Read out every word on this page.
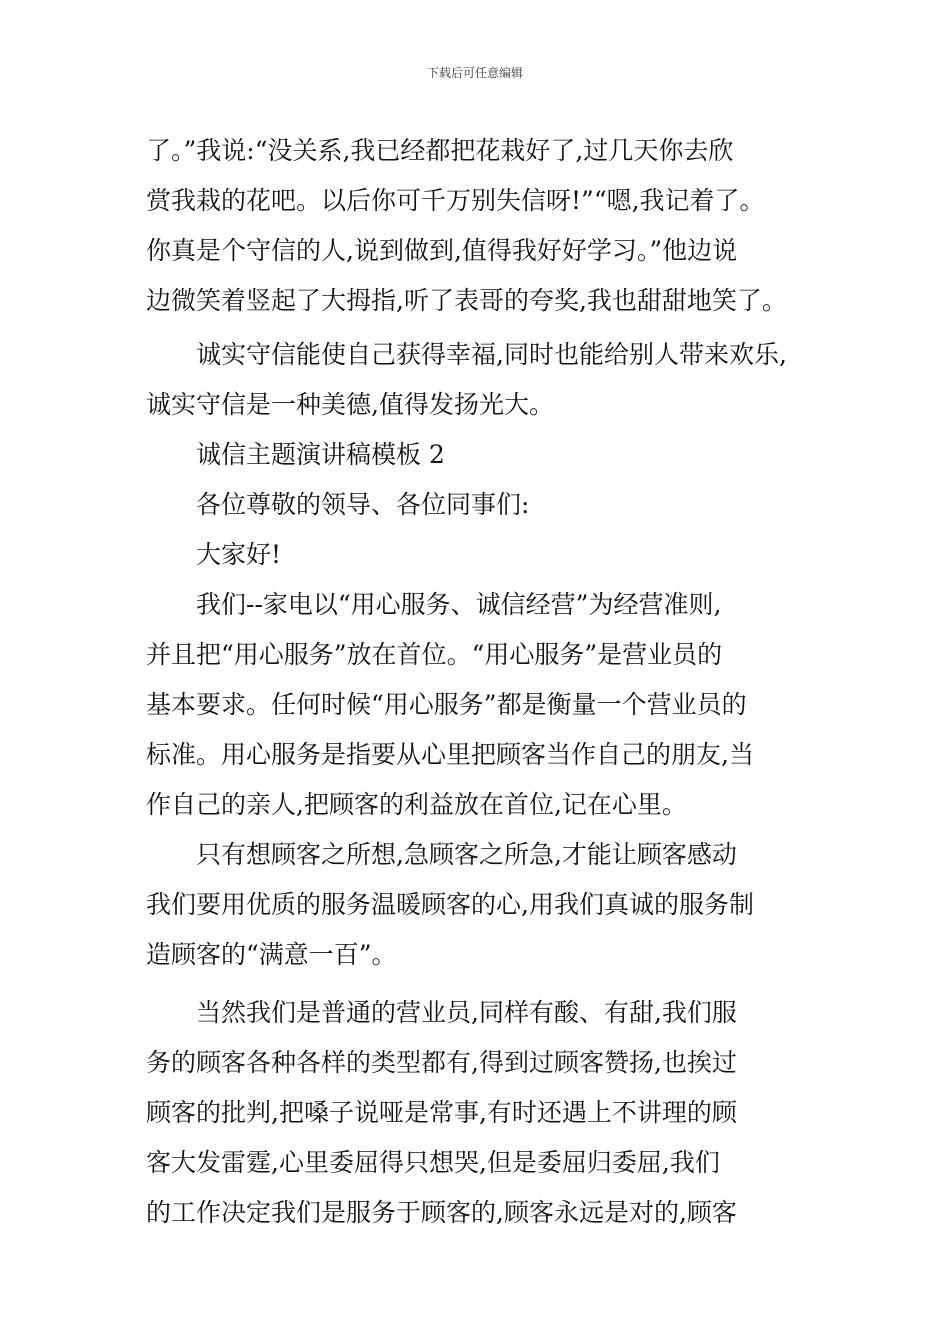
下载后可任意编辑
了。”我说:“没关系,我已经都把花栽好了,过几天你去欣
赏我栽的花吧。以后你可千万别失信呀!”“嗯,我记着了。
你真是个守信的人,说到做到,值得我好好学习。”他边说
边微笑着竖起了大拇指,听了表哥的夸奖,我也甜甜地笑了。
　　诚实守信能使自己获得幸福,同时也能给别人带来欢乐,
诚实守信是一种美德,值得发扬光大。
　　诚信主题演讲稿模板 2
　　各位尊敬的领导、各位同事们:
　　大家好!
　　我们--家电以“用心服务、诚信经营”为经营准则,
并且把“用心服务”放在首位。“用心服务”是营业员的
基本要求。任何时候“用心服务”都是衡量一个营业员的
标准。用心服务是指要从心里把顾客当作自己的朋友,当
作自己的亲人,把顾客的利益放在首位,记在心里。
　　只有想顾客之所想,急顾客之所急,才能让顾客感动
我们要用优质的服务温暖顾客的心,用我们真诚的服务制
造顾客的“满意一百”。
　　当然我们是普通的营业员,同样有酸、有甜,我们服
务的顾客各种各样的类型都有,得到过顾客赞扬,也挨过
顾客的批判,把嗓子说哑是常事,有时还遇上不讲理的顾
客大发雷霆,心里委屈得只想哭,但是委屈归委屈,我们
的工作决定我们是服务于顾客的,顾客永远是对的,顾客
